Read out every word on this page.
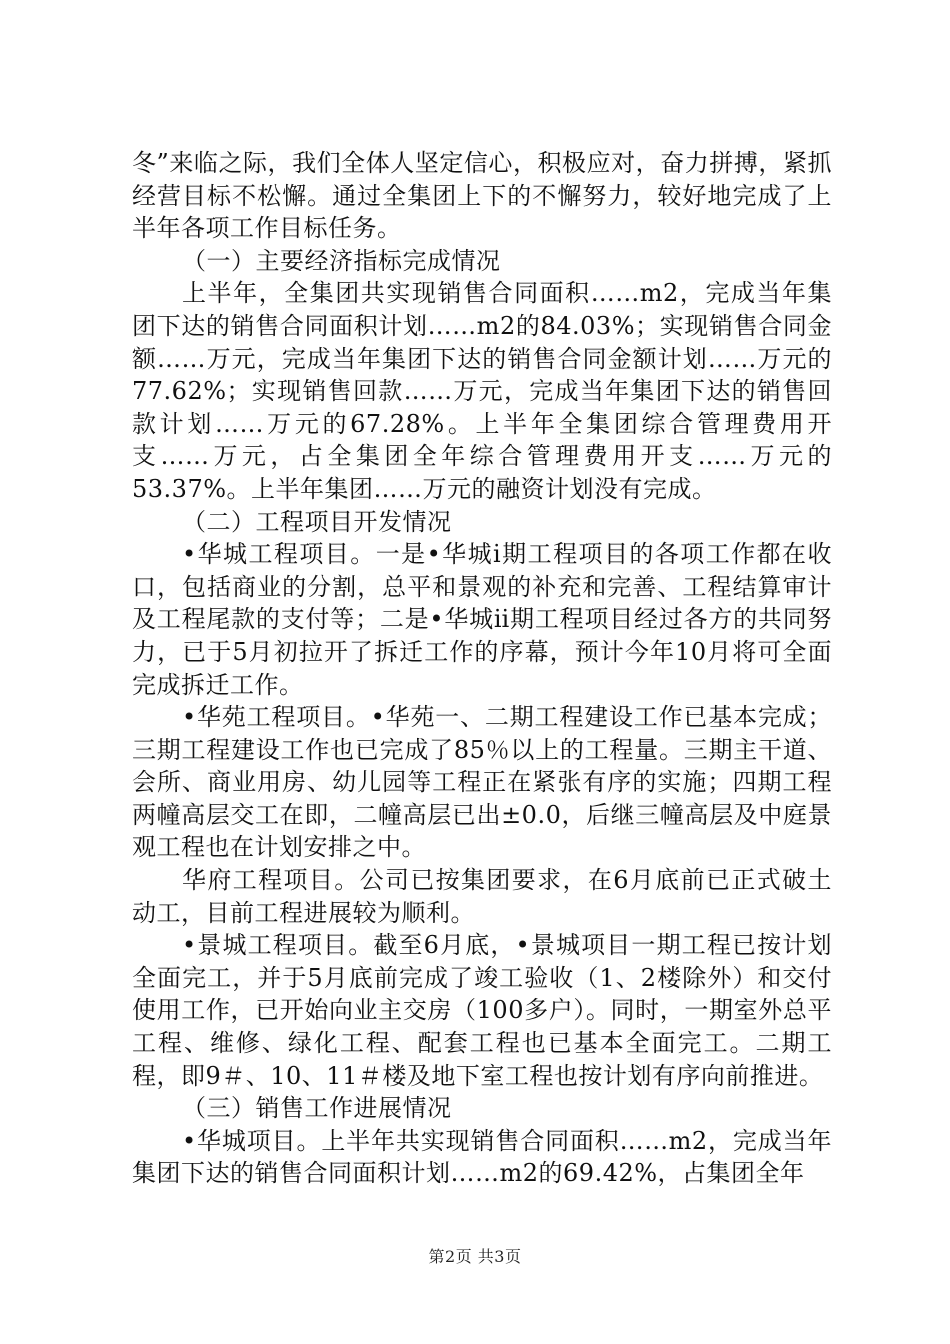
冬”来临之际，我们全体人坚定信心，积极应对，奋力拼搏，紧抓经营目标不松懈。通过全集团上下的不懈努力，较好地完成了上半年各项工作目标任务。

（一）主要经济指标完成情况

上半年，全集团共实现销售合同面积……m2，完成当年集团下达的销售合同面积计划……m2的84.03%；实现销售合同金额……万元，完成当年集团下达的销售合同金额计划……万元的77.62%；实现销售回款……万元，完成当年集团下达的销售回款计划……万元的67.28%。上半年全集团综合管理费用开支……万元，占全集团全年综合管理费用开支……万元的53.37%。上半年集团……万元的融资计划没有完成。

（二）工程项目开发情况

•华城工程项目。一是•华城ⅰ期工程项目的各项工作都在收口，包括商业的分割，总平和景观的补充和完善、工程结算审计及工程尾款的支付等；二是•华城ⅱ期工程项目经过各方的共同努力，已于5月初拉开了拆迁工作的序幕，预计今年10月将可全面完成拆迁工作。

•华苑工程项目。•华苑一、二期工程建设工作已基本完成；三期工程建设工作也已完成了85％以上的工程量。三期主干道、会所、商业用房、幼儿园等工程正在紧张有序的实施；四期工程两幢高层交工在即，二幢高层已出±0.0，后继三幢高层及中庭景观工程也在计划安排之中。

华府工程项目。公司已按集团要求，在6月底前已正式破土动工，目前工程进展较为顺利。

•景城工程项目。截至6月底，•景城项目一期工程已按计划全面完工，并于5月底前完成了竣工验收（1、2楼除外）和交付使用工作，已开始向业主交房（100多户）。同时，一期室外总平工程、维修、绿化工程、配套工程也已基本全面完工。二期工程，即9＃、10、11＃楼及地下室工程也按计划有序向前推进。

（三）销售工作进展情况

•华城项目。上半年共实现销售合同面积……m2，完成当年集团下达的销售合同面积计划……m2的69.42%，占集团全年

第2页 共3页
